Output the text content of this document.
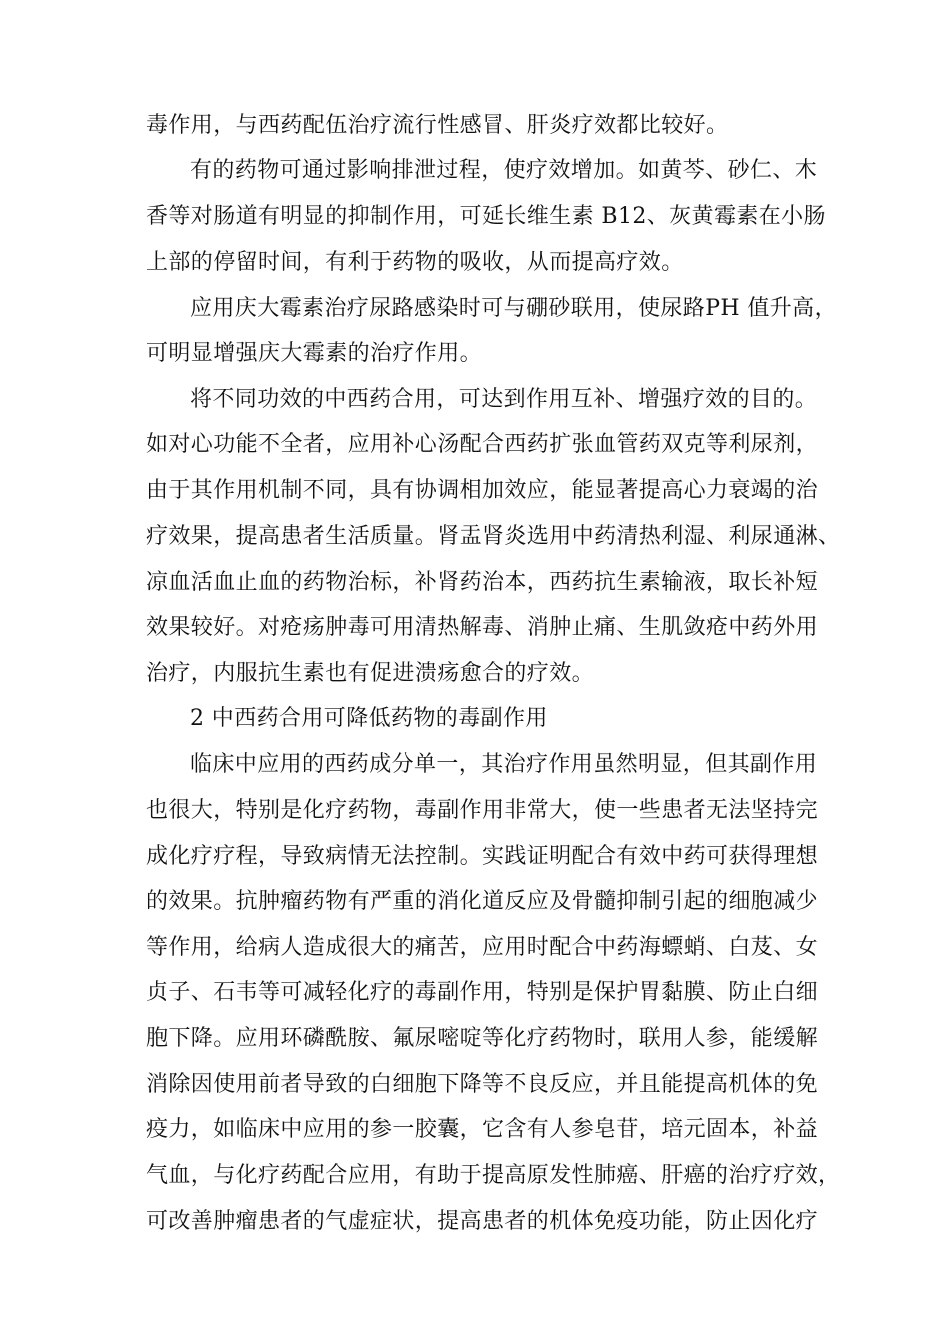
毒作用，与西药配伍治疗流行性感冒、肝炎疗效都比较好。
有的药物可通过影响排泄过程，使疗效增加。如黄芩、砂仁、木
香等对肠道有明显的抑制作用，可延长维生素 B12、灰黄霉素在小肠
上部的停留时间，有利于药物的吸收，从而提高疗效。
应用庆大霉素治疗尿路感染时可与硼砂联用，使尿路PH 值升高，
可明显增强庆大霉素的治疗作用。
将不同功效的中西药合用，可达到作用互补、增强疗效的目的。
如对心功能不全者，应用补心汤配合西药扩张血管药双克等利尿剂，
由于其作用机制不同，具有协调相加效应，能显著提高心力衰竭的治
疗效果，提高患者生活质量。肾盂肾炎选用中药清热利湿、利尿通淋、
凉血活血止血的药物治标，补肾药治本，西药抗生素输液，取长补短
效果较好。对疮疡肿毒可用清热解毒、消肿止痛、生肌敛疮中药外用
治疗，内服抗生素也有促进溃疡愈合的疗效。
2 中西药合用可降低药物的毒副作用
临床中应用的西药成分单一，其治疗作用虽然明显，但其副作用
也很大，特别是化疗药物，毒副作用非常大，使一些患者无法坚持完
成化疗疗程，导致病情无法控制。实践证明配合有效中药可获得理想
的效果。抗肿瘤药物有严重的消化道反应及骨髓抑制引起的细胞减少
等作用，给病人造成很大的痛苦，应用时配合中药海螵蛸、白芨、女
贞子、石韦等可减轻化疗的毒副作用，特别是保护胃黏膜、防止白细
胞下降。应用环磷酰胺、氟尿嘧啶等化疗药物时，联用人参，能缓解
消除因使用前者导致的白细胞下降等不良反应，并且能提高机体的免
疫力，如临床中应用的参一胶囊，它含有人参皂苷，培元固本，补益
气血，与化疗药配合应用，有助于提高原发性肺癌、肝癌的治疗疗效，
可改善肿瘤患者的气虚症状，提高患者的机体免疫功能，防止因化疗
